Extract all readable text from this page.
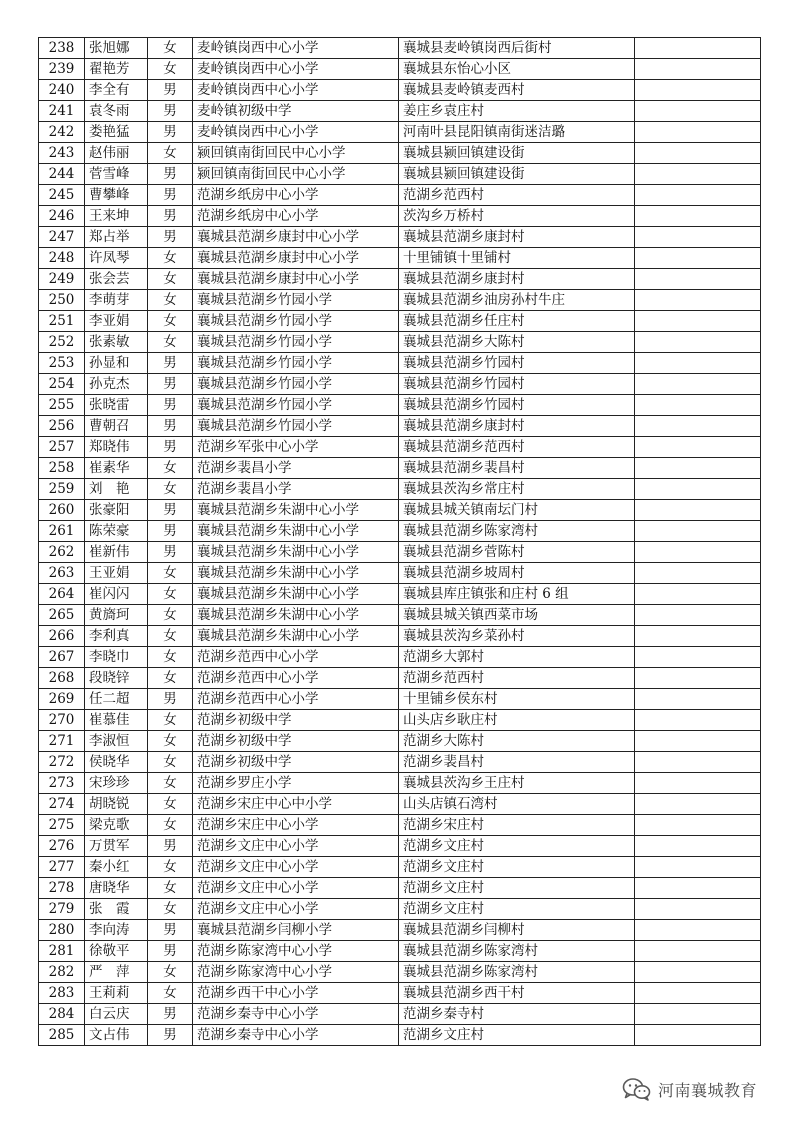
238	张旭娜	女	麦岭镇岗西中心小学	襄城县麦岭镇岗西后街村	
239	翟艳芳	女	麦岭镇岗西中心小学	襄城县东怡心小区	
240	李全有	男	麦岭镇岗西中心小学	襄城县麦岭镇麦西村	
241	袁冬雨	男	麦岭镇初级中学	姜庄乡袁庄村	
242	娄艳猛	男	麦岭镇岗西中心小学	河南叶县昆阳镇南街迷洁璐	
243	赵伟丽	女	颍回镇南街回民中心小学	襄城县颍回镇建设街	
244	菅雪峰	男	颍回镇南街回民中心小学	襄城县颍回镇建设街	
245	曹攀峰	男	范湖乡纸房中心小学	范湖乡范西村	
246	王来坤	男	范湖乡纸房中心小学	茨沟乡万桥村	
247	郑占举	男	襄城县范湖乡康封中心小学	襄城县范湖乡康封村	
248	许凤琴	女	襄城县范湖乡康封中心小学	十里铺镇十里铺村	
249	张会芸	女	襄城县范湖乡康封中心小学	襄城县范湖乡康封村	
250	李萌芽	女	襄城县范湖乡竹园小学	襄城县范湖乡油房孙村牛庄	
251	李亚娟	女	襄城县范湖乡竹园小学	襄城县范湖乡任庄村	
252	张素敏	女	襄城县范湖乡竹园小学	襄城县范湖乡大陈村	
253	孙显和	男	襄城县范湖乡竹园小学	襄城县范湖乡竹园村	
254	孙克杰	男	襄城县范湖乡竹园小学	襄城县范湖乡竹园村	
255	张晓雷	男	襄城县范湖乡竹园小学	襄城县范湖乡竹园村	
256	曹朝召	男	襄城县范湖乡竹园小学	襄城县范湖乡康封村	
257	郑晓伟	男	范湖乡军张中心小学	襄城县范湖乡范西村	
258	崔素华	女	范湖乡裴昌小学	襄城县范湖乡裴昌村	
259	刘　艳	女	范湖乡裴昌小学	襄城县茨沟乡常庄村	
260	张豪阳	男	襄城县范湖乡朱湖中心小学	襄城县城关镇南坛门村	
261	陈荣豪	男	襄城县范湖乡朱湖中心小学	襄城县范湖乡陈家湾村	
262	崔新伟	男	襄城县范湖乡朱湖中心小学	襄城县范湖乡菅陈村	
263	王亚娟	女	襄城县范湖乡朱湖中心小学	襄城县范湖乡坡周村	
264	崔闪闪	女	襄城县范湖乡朱湖中心小学	襄城县库庄镇张和庄村 6 组	
265	黄旖珂	女	襄城县范湖乡朱湖中心小学	襄城县城关镇西菜市场	
266	李利真	女	襄城县范湖乡朱湖中心小学	襄城县茨沟乡菜孙村	
267	李晓巾	女	范湖乡范西中心小学	范湖乡大郭村	
268	段晓锌	女	范湖乡范西中心小学	范湖乡范西村	
269	任二超	男	范湖乡范西中心小学	十里铺乡侯东村	
270	崔慕佳	女	范湖乡初级中学	山头店乡耿庄村	
271	李淑恒	女	范湖乡初级中学	范湖乡大陈村	
272	侯晓华	女	范湖乡初级中学	范湖乡裴昌村	
273	宋珍珍	女	范湖乡罗庄小学	襄城县茨沟乡王庄村	
274	胡晓锐	女	范湖乡宋庄中心中小学	山头店镇石湾村	
275	梁克歌	女	范湖乡宋庄中心小学	范湖乡宋庄村	
276	万贯军	男	范湖乡文庄中心小学	范湖乡文庄村	
277	秦小红	女	范湖乡文庄中心小学	范湖乡文庄村	
278	唐晓华	女	范湖乡文庄中心小学	范湖乡文庄村	
279	张　霞	女	范湖乡文庄中心小学	范湖乡文庄村	
280	李向涛	男	襄城县范湖乡闫柳小学	襄城县范湖乡闫柳村	
281	徐敬平	男	范湖乡陈家湾中心小学	襄城县范湖乡陈家湾村	
282	严　萍	女	范湖乡陈家湾中心小学	襄城县范湖乡陈家湾村	
283	王莉莉	女	范湖乡西干中心小学	襄城县范湖乡西干村	
284	白云庆	男	范湖乡秦寺中心小学	范湖乡秦寺村	
285	文占伟	男	范湖乡秦寺中心小学	范湖乡文庄村	
河南襄城教育
